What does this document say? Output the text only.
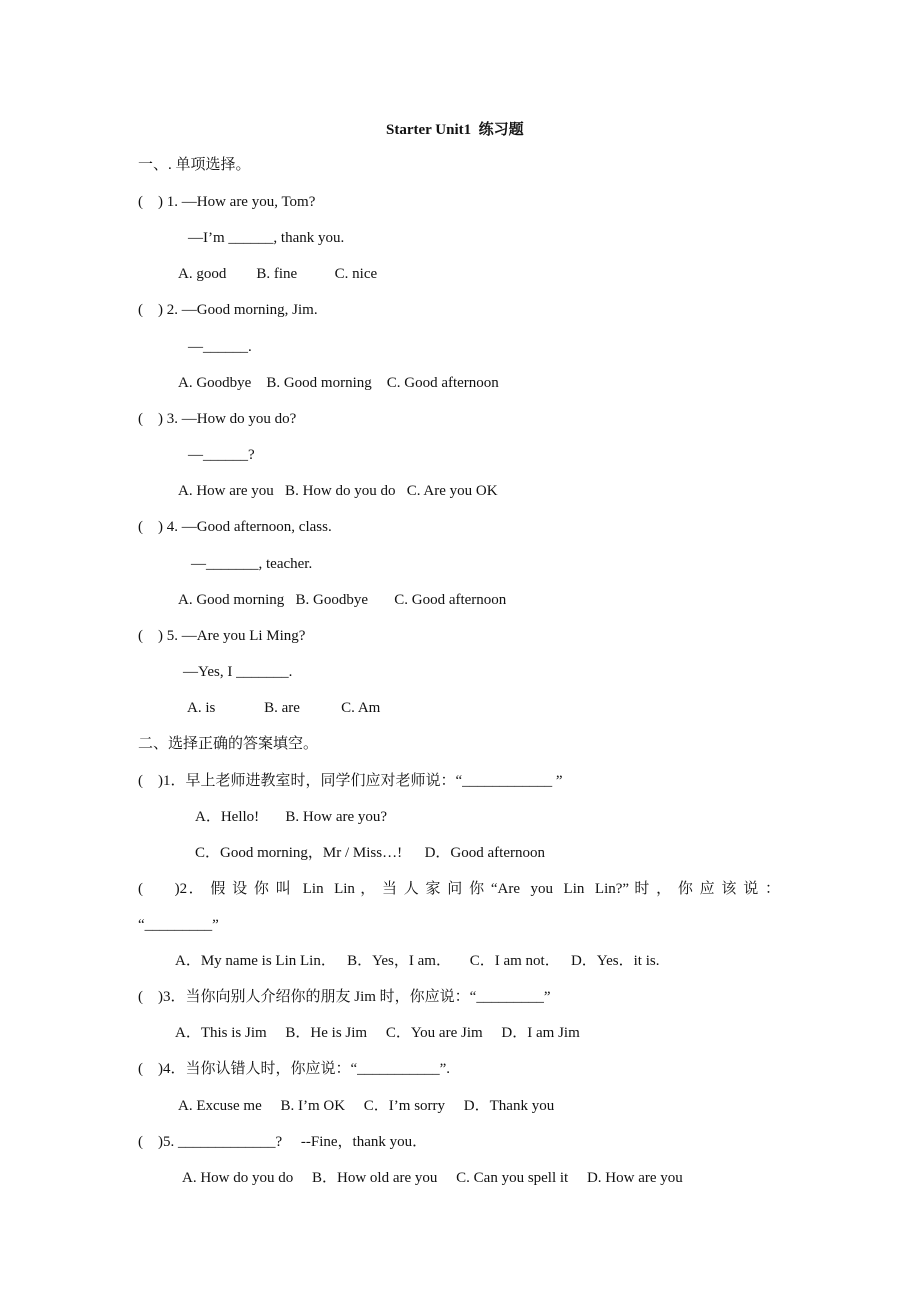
Starter Unit1  练习题
一、. 单项选择。
(    ) 1. —How are you, Tom?
—I’m ______, thank you.
A. good        B. fine          C. nice
(    ) 2. —Good morning, Jim.
—______.
A. Goodbye    B. Good morning    C. Good afternoon
(    ) 3. —How do you do?
—______?
A. How are you   B. How do you do   C. Are you OK
(    ) 4. —Good afternoon, class.
—_______, teacher.
A. Good morning   B. Goodbye       C. Good afternoon
(    ) 5. —Are you Li Ming?
—Yes, I _______.
A. is             B. are           C. Am
二、选择正确的答案填空。
(    )1．早上老师进教室时，同学们应对老师说：“____________ ”
A．Hello!       B. How are you?
C．Good morning，Mr / Miss…!      D．Good afternoon
(      )2． 假 设 你 叫  Lin  Lin ， 当 人 家 问 你 “Are  you  Lin  Lin?” 时 ， 你 应 该 说 ：
“_________”
A．My name is Lin Lin．   B．Yes，I am．     C．I am not．   D．Yes．it is.
(    )3．当你向别人介绍你的朋友 Jim 时，你应说：“_________”
A．This is Jim     B．He is Jim     C．You are Jim     D．I am Jim
(    )4．当你认错人时，你应说：“___________”.
A. Excuse me     B. I’m OK     C．I’m sorry     D．Thank you
(    )5. _____________?     --Fine，thank you．
A. How do you do     B．How old are you     C. Can you spell it     D. How are you
